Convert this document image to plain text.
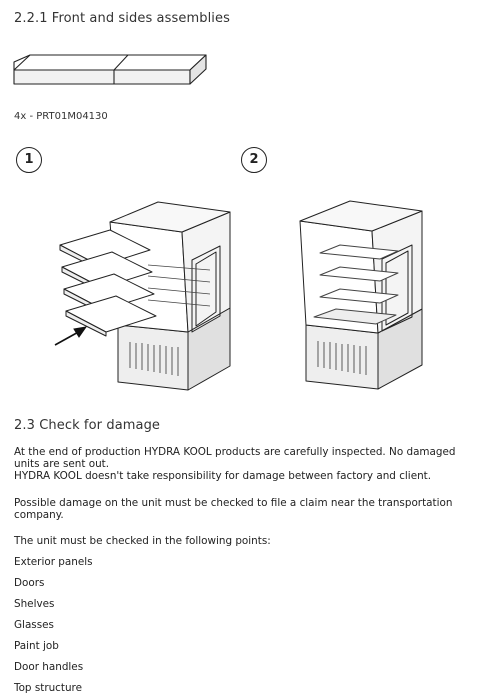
2.2.1 Front and sides assemblies
4x - PRT01M04130
1	2
2.3 Check for damage
At the end of production HYDRA KOOL products are carefully inspected. No damaged units are sent out.
HYDRA KOOL doesn't take responsibility for damage between factory and client.
Possible damage on the unit must be checked to file a claim near the transportation company.
The unit must be checked in the following points:
Exterior panels
Doors
Shelves
Glasses
Paint job
Door handles
Top structure
